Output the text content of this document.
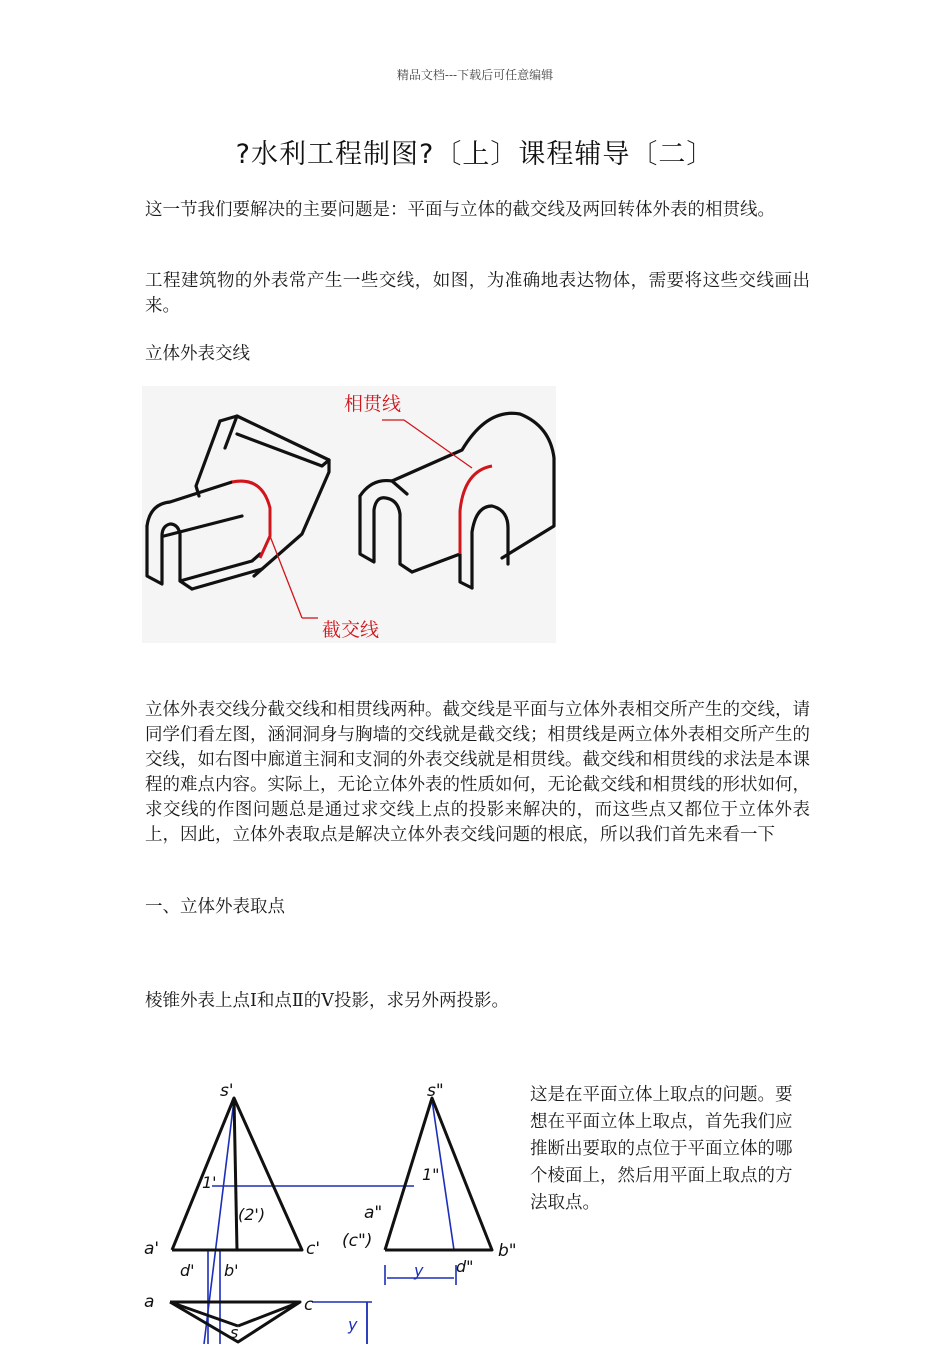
精品文档---下载后可任意编辑
?水利工程制图?〔上〕课程辅导〔二〕
这一节我们要解决的主要问题是：平面与立体的截交线及两回转体外表的相贯线。
工程建筑物的外表常产生一些交线，如图，为准确地表达物体，需要将这些交线画出来。
立体外表交线
相贯线
截交线
立体外表交线分截交线和相贯线两种。截交线是平面与立体外表相交所产生的交线，请同学们看左图，涵洞洞身与胸墙的交线就是截交线；相贯线是两立体外表相交所产生的交线，如右图中廊道主洞和支洞的外表交线就是相贯线。截交线和相贯线的求法是本课程的难点内容。实际上，无论立体外表的性质如何，无论截交线和相贯线的形状如何，求交线的作图问题总是通过求交线上点的投影来解决的，而这些点又都位于立体外表上，因此，立体外表取点是解决立体外表交线问题的根底，所以我们首先来看一下
一、立体外表取点
棱锥外表上点Ⅰ和点Ⅱ的Ⅴ投影，求另外两投影。
s'	s"
1'
(2')
a'	c'
d' b'
1"
a"
(c")
d"
b"
y
y
a	c
s
这是在平面立体上取点的问题。要想在平面立体上取点，首先我们应推断出要取的点位于平面立体的哪个棱面上，然后用平面上取点的方法取点。
